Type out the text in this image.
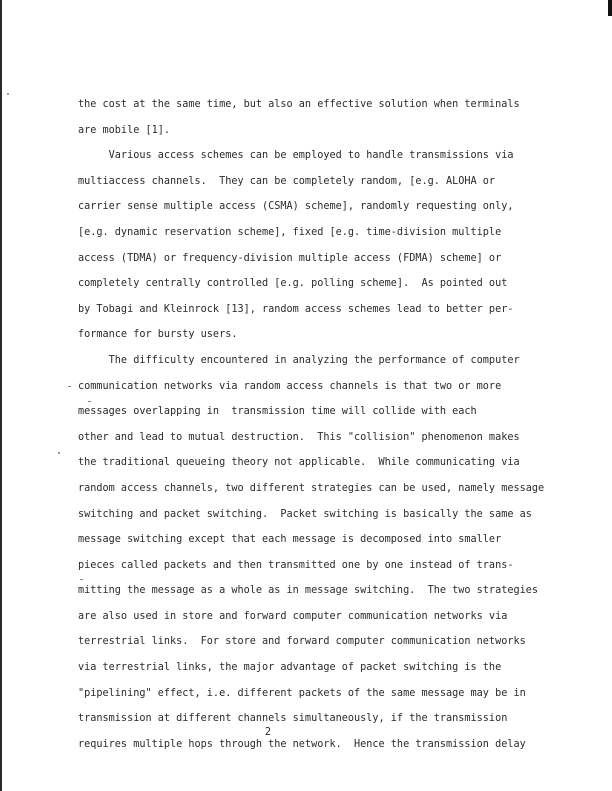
the cost at the same time, but also an effective solution when terminals
are mobile [1].
Various access schemes can be employed to handle transmissions via
multiaccess channels.  They can be completely random, [e.g. ALOHA or
carrier sense multiple access (CSMA) scheme], randomly requesting only,
[e.g. dynamic reservation scheme], fixed [e.g. time-division multiple
access (TDMA) or frequency-division multiple access (FDMA) scheme] or
completely centrally controlled [e.g. polling scheme].  As pointed out
by Tobagi and Kleinrock [13], random access schemes lead to better per-
formance for bursty users.
The difficulty encountered in analyzing the performance of computer
communication networks via random access channels is that two or more
messages overlapping in  transmission time will collide with each
other and lead to mutual destruction.  This "collision" phenomenon makes
the traditional queueing theory not applicable.  While communicating via
random access channels, two different strategies can be used, namely message
switching and packet switching.  Packet switching is basically the same as
message switching except that each message is decomposed into smaller
pieces called packets and then transmitted one by one instead of trans-
mitting the message as a whole as in message switching.  The two strategies
are also used in store and forward computer communication networks via
terrestrial links.  For store and forward computer communication networks
via terrestrial links, the major advantage of packet switching is the
"pipelining" effect, i.e. different packets of the same message may be in
transmission at different channels simultaneously, if the transmission
requires multiple hops through the network.  Hence the transmission delay
2
